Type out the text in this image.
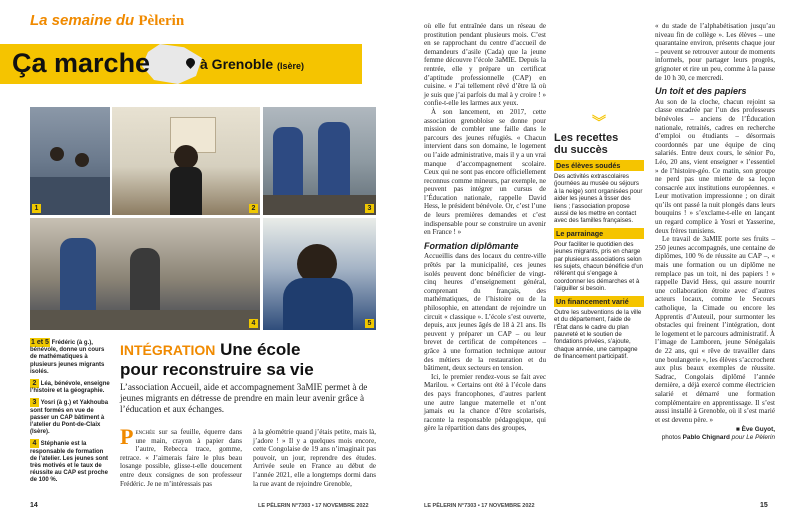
La semaine du Pèlerin
Ça marche	à Grenoble (Isère)
2
1	3
4	5
1 et 5 Frédéric (à g.), bénévole, donne un cours de mathématiques à plusieurs jeunes migrants isolés.
2 Léa, bénévole, enseigne l’histoire et la géographie.
3 Yosri (à g.) et Yakhouba sont formés en vue de passer un CAP bâtiment à l’atelier du Pont-de-Claix (Isère).
4 Stéphanie est la responsable de formation de l’atelier. Les jeunes sont très motivés et le taux de réussite au CAP est proche de 100 %.
INTÉGRATION Une école
pour reconstruire sa vie
L’association Accueil, aide et accompagnement 3aMIE permet à de jeunes migrants en détresse de prendre en main leur avenir grâce à l’éducation et aux échanges.

Penchée sur sa feuille, équerre dans une main, crayon à papier dans l’autre, Rebecca trace, gomme, retrace. « J’aimerais faire le plus beau losange possible, glisse-t-elle doucement entre deux consignes de son professeur Frédéric. Je ne m’intéressais pas

à la géométrie quand j’étais petite, mais là, j’adore ! » Il y a quelques mois encore, cette Congolaise de 19 ans n’imaginait pas pouvoir, un jour, reprendre des études. Arrivée seule en France au début de l’année 2021, elle a longtemps dormi dans la rue avant de rejoindre Grenoble,

où elle fut entraînée dans un réseau de prostitution pendant plusieurs mois. C’est en se rapprochant du centre d’accueil de demandeurs d’asile (Cada) que la jeune femme découvre l’école 3aMIE. Depuis la rentrée, elle y prépare un certificat d’aptitude professionnelle (CAP) en cuisine. « J’ai tellement rêvé d’être là où je suis que j’ai parfois du mal à y croire ! » confie-t-elle les larmes aux yeux.

À son lancement, en 2017, cette association grenobloise se donne pour mission de combler une faille dans le parcours des jeunes réfugiés. « Chacun intervient dans son domaine, le logement ou l’aide administrative, mais il y a un vrai manque d’accompagnement scolaire. Ceux qui ne sont pas encore officiellement reconnus comme mineurs, par exemple, ne peuvent pas intégrer un cursus de l’Éducation nationale, rappelle David Hess, le président bénévole. Or, c’est l’une de leurs premières demandes et c’est indispensable pour se construire un avenir en France ! »

Formation diplômante

Accueillis dans des locaux du centre-ville prêtés par la municipalité, ces jeunes isolés peuvent donc bénéficier de vingt-cinq heures d’enseignement général, comprenant du français, des mathématiques, de l’histoire ou de la philosophie, en attendant de rejoindre un circuit « classique ». L’école s’est ouverte, depuis, aux jeunes âgés de 18 à 21 ans. Ils peuvent y préparer un CAP – ou leur brevet de certificat de compétences – grâce à une formation technique autour des métiers de la restauration et du bâtiment, deux secteurs en tension.

Ici, le premier rendez-vous se fait avec Marilou. « Certains ont été à l’école dans des pays francophones, d’autres parlent une autre langue maternelle et n’ont jamais eu la chance d’être scolarisés, raconte la responsable pédagogique, qui gère la répartition dans des groupes,

︾
Les recettes
du succès
Des élèves soudés
Des activités extrascolaires (journées au musée ou séjours à la neige) sont organisées pour aider les jeunes à tisser des liens ; l’association propose aussi de les mettre en contact avec des familles françaises.
Le parrainage
Pour faciliter le quotidien des jeunes migrants, pris en charge par plusieurs associations selon les sujets, chacun bénéficie d’un référent qui s’engage à coordonner les démarches et à l’aiguiller si besoin.
Un financement varié
Outre les subventions de la ville et du département, l’aide de l’État dans le cadre du plan pauvreté et le soutien de fondations privées, s’ajoute, chaque année, une campagne de financement participatif.

« du stade de l’alphabétisation jusqu’au niveau fin de collège ». Les élèves – une quarantaine environ, présents chaque jour – peuvent se retrouver autour de moments informels, pour partager leurs progrès, grignoter et rire un peu, comme à la pause de 10 h 30, ce mercredi.

Un toit et des papiers

Au son de la cloche, chacun rejoint sa classe encadrée par l’un des professeurs bénévoles – anciens de l’Éducation nationale, retraités, cadres en recherche d’emploi ou étudiants – désormais coordonnés par une équipe de cinq salariés. Entre deux cours, le sénior Po, Léo, 20 ans, vient enseigner « l’essentiel » de l’histoire-géo. Ce matin, son groupe ne perd pas une miette de sa leçon consacrée aux institutions européennes. « Leur motivation impressionne ; on dirait qu’ils ont passé la nuit plongés dans leurs bouquins ! » s’exclame-t-elle en lançant un regard complice à Yosri et Yasserine, deux frères tunisiens.

Le travail de 3aMIE porte ses fruits – 250 jeunes accompagnés, une centaine de diplômes, 100 % de réussite au CAP –, « mais une formation ou un diplôme ne remplace pas un toit, ni des papiers ! » rappelle David Hess, qui assure nourrir une collaboration étroite avec d’autres acteurs locaux, comme le Secours catholique, la Cimade ou encore les Apprentis d’Auteuil, pour surmonter les obstacles qui freinent l’intégration, dont le logement et le parcours administratif. À l’image de Lamboren, jeune Sénégalais de 22 ans, qui « rêve de travailler dans une boulangerie », les élèves s’accrochent aux plus beaux exemples de réussite. Sadrac, Congolais diplômé l’année dernière, a déjà exercé comme électricien salarié et démarré une formation complémentaire en apprentissage. Il s’est aussi installé à Grenoble, où il s’est marié et est devenu père. »

■ Ève Guyot,
photos Pablo Chignard pour Le Pèlerin
14	LE PÈLERIN N°7303 • 17 NOVEMBRE 2022	LE PÈLERIN N°7303 • 17 NOVEMBRE 2022	15
